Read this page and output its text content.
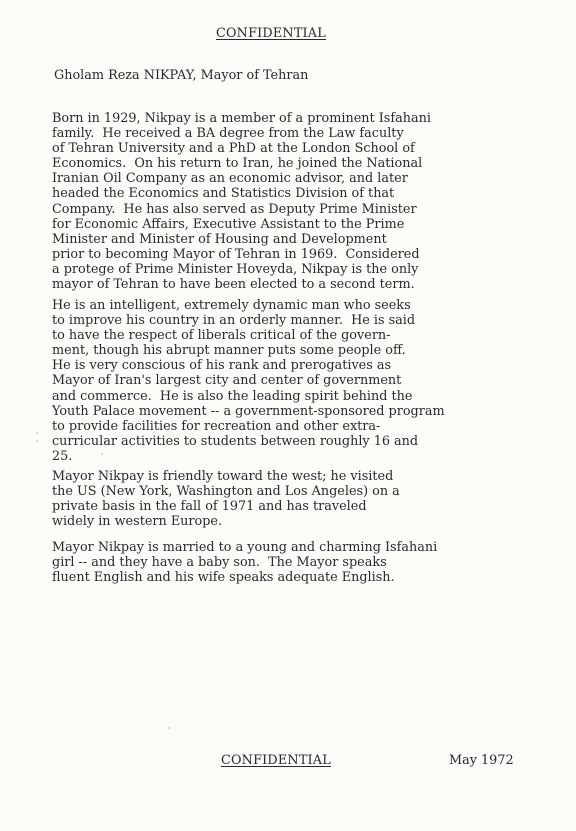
CONFIDENTIAL
Gholam Reza NIKPAY, Mayor of Tehran

Born in 1929, Nikpay is a member of a prominent Isfahani
family.  He received a BA degree from the Law faculty
of Tehran University and a PhD at the London School of
Economics.  On his return to Iran, he joined the National
Iranian Oil Company as an economic advisor, and later
headed the Economics and Statistics Division of that
Company.  He has also served as Deputy Prime Minister
for Economic Affairs, Executive Assistant to the Prime
Minister and Minister of Housing and Development
prior to becoming Mayor of Tehran in 1969.  Considered
a protege of Prime Minister Hoveyda, Nikpay is the only
mayor of Tehran to have been elected to a second term.

He is an intelligent, extremely dynamic man who seeks
to improve his country in an orderly manner.  He is said
to have the respect of liberals critical of the govern-
ment, though his abrupt manner puts some people off.
He is very conscious of his rank and prerogatives as
Mayor of Iran's largest city and center of government
and commerce.  He is also the leading spirit behind the
Youth Palace movement -- a government-sponsored program
to provide facilities for recreation and other extra-
curricular activities to students between roughly 16 and
25.

Mayor Nikpay is friendly toward the west; he visited
the US (New York, Washington and Los Angeles) on a
private basis in the fall of 1971 and has traveled
widely in western Europe.

Mayor Nikpay is married to a young and charming Isfahani
girl -- and they have a baby son.  The Mayor speaks
fluent English and his wife speaks adequate English.

CONFIDENTIAL	May 1972
